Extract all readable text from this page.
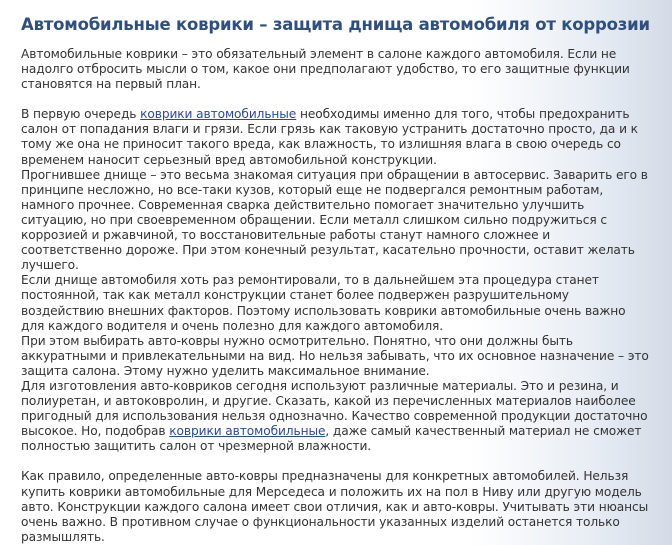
Автомобильные коврики – защита днища автомобиля от коррозии

Автомобильные коврики – это обязательный элемент в салоне каждого автомобиля. Если не надолго отбросить мысли о том, какое они предполагают удобство, то его защитные функции становятся на первый план.

В первую очередь коврики автомобильные необходимы именно для того, чтобы предохранить салон от попадания влаги и грязи. Если грязь как таковую устранить достаточно просто, да и к тому же она не приносит такого вреда, как влажность, то излишняя влага в свою очередь со временем наносит серьезный вред автомобильной конструкции.

Прогнившее днище – это весьма знакомая ситуация при обращении в автосервис. Заварить его в принципе несложно, но все-таки кузов, который еще не подвергался ремонтным работам, намного прочнее. Современная сварка действительно помогает значительно улучшить ситуацию, но при своевременном обращении. Если металл слишком сильно подружиться с коррозией и ржавчиной, то восстановительные работы станут намного сложнее и соответственно дороже. При этом конечный результат, касательно прочности, оставит желать лучшего.

Если днище автомобиля хоть раз ремонтировали, то в дальнейшем эта процедура станет постоянной, так как металл конструкции станет более подвержен разрушительному воздействию внешних факторов. Поэтому использовать коврики автомобильные очень важно для каждого водителя и очень полезно для каждого автомобиля.

При этом выбирать авто-ковры нужно осмотрительно. Понятно, что они должны быть аккуратными и привлекательными на вид. Но нельзя забывать, что их основное назначение – это защита салона. Этому нужно уделить максимальное внимание.

Для изготовления авто-ковриков сегодня используют различные материалы. Это и резина, и полиуретан, и автоковролин, и другие. Сказать, какой из перечисленных материалов наиболее пригодный для использования нельзя однозначно. Качество современной продукции достаточно высокое. Но, подобрав коврики автомобильные, даже самый качественный материал не сможет полностью защитить салон от чрезмерной влажности.

Как правило, определенные авто-ковры предназначены для конкретных автомобилей. Нельзя купить коврики автомобильные для Мерседеса и положить их на пол в Ниву или другую модель авто. Конструкции каждого салона имеет свои отличия, как и авто-ковры. Учитывать эти нюансы очень важно. В противном случае о функциональности указанных изделий останется только размышлять.
